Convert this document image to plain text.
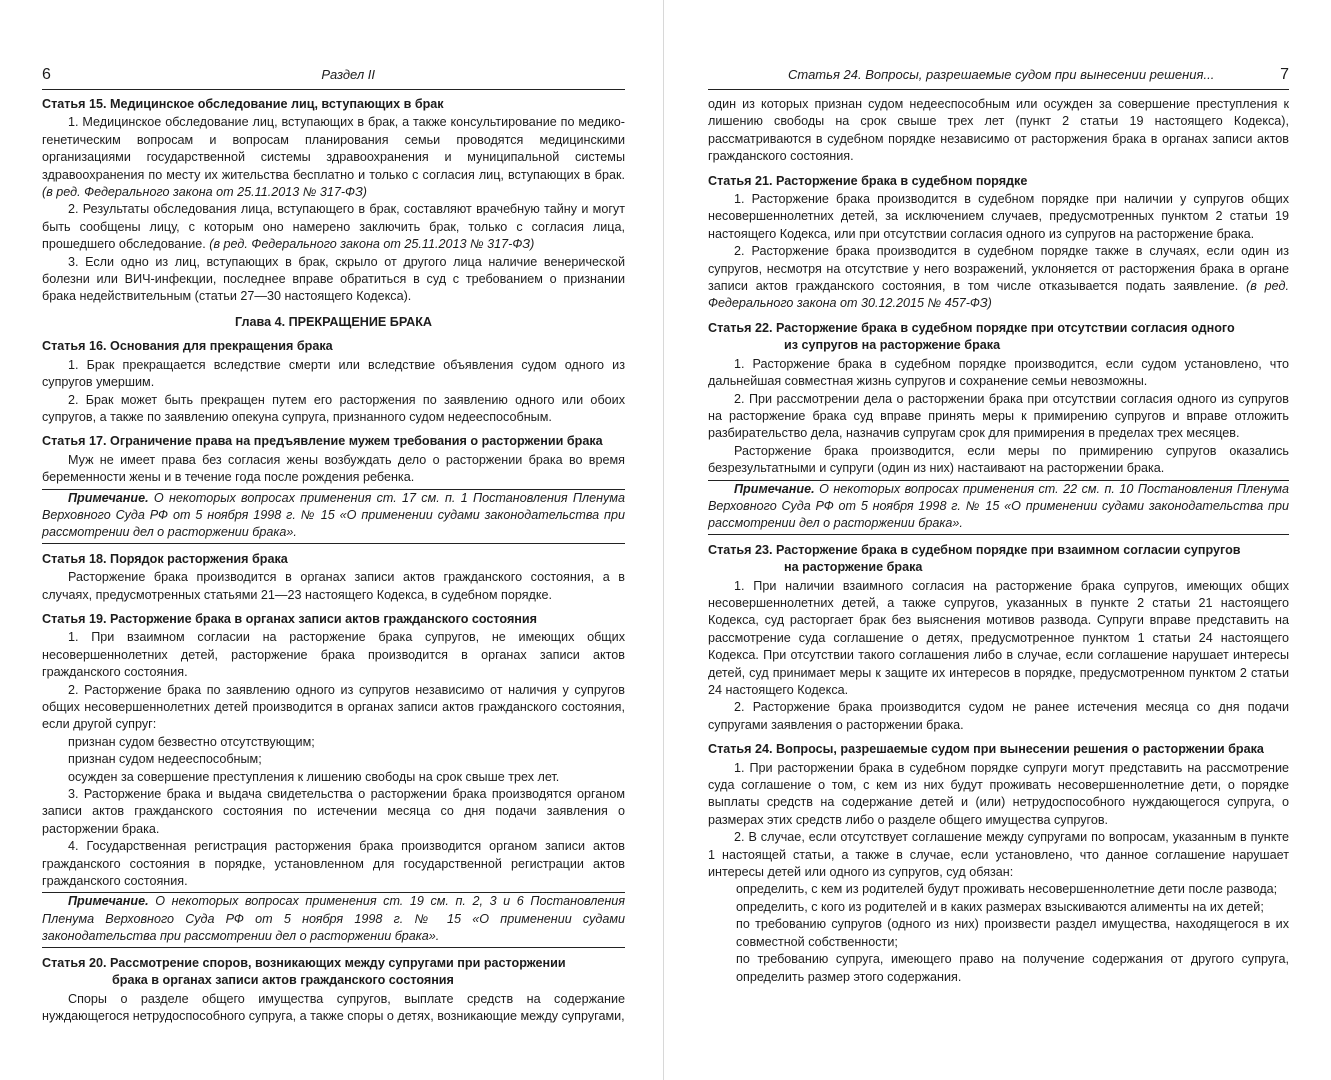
6	Раздел II
Статья 15. Медицинское обследование лиц, вступающих в брак

1. Медицинское обследование лиц, вступающих в брак, а также консультирование по медико-генетическим вопросам и вопросам планирования семьи проводятся медицинскими организациями государственной системы здравоохранения и муниципальной системы здравоохранения по месту их жительства бесплатно и только с согласия лиц, вступающих в брак. (в ред. Федерального закона от 25.11.2013 № 317-ФЗ)

2. Результаты обследования лица, вступающего в брак, составляют врачебную тайну и могут быть сообщены лицу, с которым оно намерено заключить брак, только с согласия лица, прошедшего обследование. (в ред. Федерального закона от 25.11.2013 № 317-ФЗ)

3. Если одно из лиц, вступающих в брак, скрыло от другого лица наличие венерической болезни или ВИЧ-инфекции, последнее вправе обратиться в суд с требованием о признании брака недействительным (статьи 27—30 настоящего Кодекса).

Глава 4. ПРЕКРАЩЕНИЕ БРАКА
Статья 16. Основания для прекращения брака

1. Брак прекращается вследствие смерти или вследствие объявления судом одного из супругов умершим.

2. Брак может быть прекращен путем его расторжения по заявлению одного или обоих супругов, а также по заявлению опекуна супруга, признанного судом недееспособным.

Статья 17. Ограничение права на предъявление мужем требования о расторжении брака

Муж не имеет права без согласия жены возбуждать дело о расторжении брака во время беременности жены и в течение года после рождения ребенка.

Примечание. О некоторых вопросах применения ст. 17 см. п. 1 Постановления Пленума Верховного Суда РФ от 5 ноября 1998 г. № 15 «О применении судами законодательства при рассмотрении дел о расторжении брака».
Статья 18. Порядок расторжения брака

Расторжение брака производится в органах записи актов гражданского состояния, а в случаях, предусмотренных статьями 21—23 настоящего Кодекса, в судебном порядке.

Статья 19. Расторжение брака в органах записи актов гражданского состояния

1. При взаимном согласии на расторжение брака супругов, не имеющих общих несовершеннолетних детей, расторжение брака производится в органах записи актов гражданского состояния.

2. Расторжение брака по заявлению одного из супругов независимо от наличия у супругов общих несовершеннолетних детей производится в органах записи актов гражданского состояния, если другой супруг:

признан судом безвестно отсутствующим;

признан судом недееспособным;

осужден за совершение преступления к лишению свободы на срок свыше трех лет.

3. Расторжение брака и выдача свидетельства о расторжении брака производятся органом записи актов гражданского состояния по истечении месяца со дня подачи заявления о расторжении брака.

4. Государственная регистрация расторжения брака производится органом записи актов гражданского состояния в порядке, установленном для государственной регистрации актов гражданского состояния.

Примечание. О некоторых вопросах применения ст. 19 см. п. 2, 3 и 6 Постановления Пленума Верховного Суда РФ от 5 ноября 1998 г. № 15 «О применении судами законодательства при рассмотрении дел о расторжении брака».
Статья 20. Рассмотрение споров, возникающих между супругами при расторжении
брака в органах записи актов гражданского состояния

Споры о разделе общего имущества супругов, выплате средств на содержание нуждающегося нетрудоспособного супруга, а также споры о детях, возникающие между супругами,

Статья 24. Вопросы, разрешаемые судом при вынесении решения...	7

один из которых признан судом недееспособным или осужден за совершение преступления к лишению свободы на срок свыше трех лет (пункт 2 статьи 19 настоящего Кодекса), рассматриваются в судебном порядке независимо от расторжения брака в органах записи актов гражданского состояния.

Статья 21. Расторжение брака в судебном порядке

1. Расторжение брака производится в судебном порядке при наличии у супругов общих несовершеннолетних детей, за исключением случаев, предусмотренных пунктом 2 статьи 19 настоящего Кодекса, или при отсутствии согласия одного из супругов на расторжение брака.

2. Расторжение брака производится в судебном порядке также в случаях, если один из супругов, несмотря на отсутствие у него возражений, уклоняется от расторжения брака в органе записи актов гражданского состояния, в том числе отказывается подать заявление. (в ред. Федерального закона от 30.12.2015 № 457-ФЗ)

Статья 22. Расторжение брака в судебном порядке при отсутствии согласия одного
из супругов на расторжение брака

1. Расторжение брака в судебном порядке производится, если судом установлено, что дальнейшая совместная жизнь супругов и сохранение семьи невозможны.

2. При рассмотрении дела о расторжении брака при отсутствии согласия одного из супругов на расторжение брака суд вправе принять меры к примирению супругов и вправе отложить разбирательство дела, назначив супругам срок для примирения в пределах трех месяцев.

Расторжение брака производится, если меры по примирению супругов оказались безрезультатными и супруги (один из них) настаивают на расторжении брака.

Примечание. О некоторых вопросах применения ст. 22 см. п. 10 Постановления Пленума Верховного Суда РФ от 5 ноября 1998 г. № 15 «О применении судами законодательства при рассмотрении дел о расторжении брака».
Статья 23. Расторжение брака в судебном порядке при взаимном согласии супругов
на расторжение брака

1. При наличии взаимного согласия на расторжение брака супругов, имеющих общих несовершеннолетних детей, а также супругов, указанных в пункте 2 статьи 21 настоящего Кодекса, суд расторгает брак без выяснения мотивов развода. Супруги вправе представить на рассмотрение суда соглашение о детях, предусмотренное пунктом 1 статьи 24 настоящего Кодекса. При отсутствии такого соглашения либо в случае, если соглашение нарушает интересы детей, суд принимает меры к защите их интересов в порядке, предусмотренном пунктом 2 статьи 24 настоящего Кодекса.

2. Расторжение брака производится судом не ранее истечения месяца со дня подачи супругами заявления о расторжении брака.

Статья 24. Вопросы, разрешаемые судом при вынесении решения о расторжении брака

1. При расторжении брака в судебном порядке супруги могут представить на рассмотрение суда соглашение о том, с кем из них будут проживать несовершеннолетние дети, о порядке выплаты средств на содержание детей и (или) нетрудоспособного нуждающегося супруга, о размерах этих средств либо о разделе общего имущества супругов.

2. В случае, если отсутствует соглашение между супругами по вопросам, указанным в пункте 1 настоящей статьи, а также в случае, если установлено, что данное соглашение нарушает интересы детей или одного из супругов, суд обязан:

определить, с кем из родителей будут проживать несовершеннолетние дети после развода;

определить, с кого из родителей и в каких размерах взыскиваются алименты на их детей;

по требованию супругов (одного из них) произвести раздел имущества, находящегося в их совместной собственности;

по требованию супруга, имеющего право на получение содержания от другого супруга, определить размер этого содержания.
